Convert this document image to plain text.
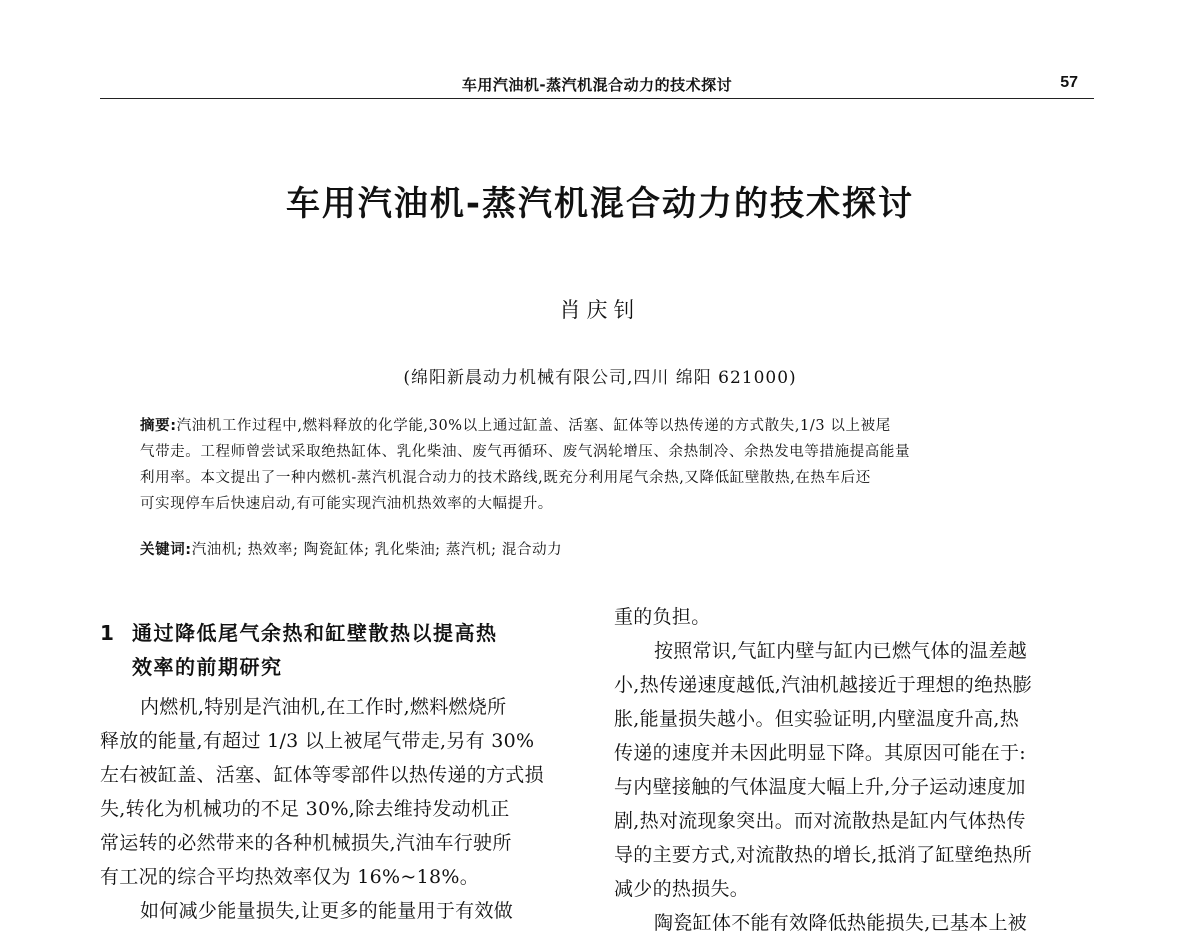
车用汽油机-蒸汽机混合动力的技术探讨	57
车用汽油机-蒸汽机混合动力的技术探讨
肖庆钊
(绵阳新晨动力机械有限公司,四川 绵阳 621000)
摘要:汽油机工作过程中,燃料释放的化学能,30%以上通过缸盖、活塞、缸体等以热传递的方式散失,1/3 以上被尾
气带走。工程师曾尝试采取绝热缸体、乳化柴油、废气再循环、废气涡轮增压、余热制冷、余热发电等措施提高能量
利用率。本文提出了一种内燃机-蒸汽机混合动力的技术路线,既充分利用尾气余热,又降低缸壁散热,在热车后还
可实现停车后快速启动,有可能实现汽油机热效率的大幅提升。
关键词:汽油机; 热效率; 陶瓷缸体; 乳化柴油; 蒸汽机; 混合动力
1 通过降低尾气余热和缸壁散热以提高热
效率的前期研究
内燃机,特别是汽油机,在工作时,燃料燃烧所
释放的能量,有超过 1/3 以上被尾气带走,另有 30%
左右被缸盖、活塞、缸体等零部件以热传递的方式损
失,转化为机械功的不足 30%,除去维持发动机正
常运转的必然带来的各种机械损失,汽油车行驶所
有工况的综合平均热效率仅为 16%~18%。
如何减少能量损失,让更多的能量用于有效做
重的负担。
按照常识,气缸内壁与缸内已燃气体的温差越
小,热传递速度越低,汽油机越接近于理想的绝热膨
胀,能量损失越小。但实验证明,内壁温度升高,热
传递的速度并未因此明显下降。其原因可能在于:
与内壁接触的气体温度大幅上升,分子运动速度加
剧,热对流现象突出。而对流散热是缸内气体热传
导的主要方式,对流散热的增长,抵消了缸壁绝热所
减少的热损失。
陶瓷缸体不能有效降低热能损失,已基本上被
